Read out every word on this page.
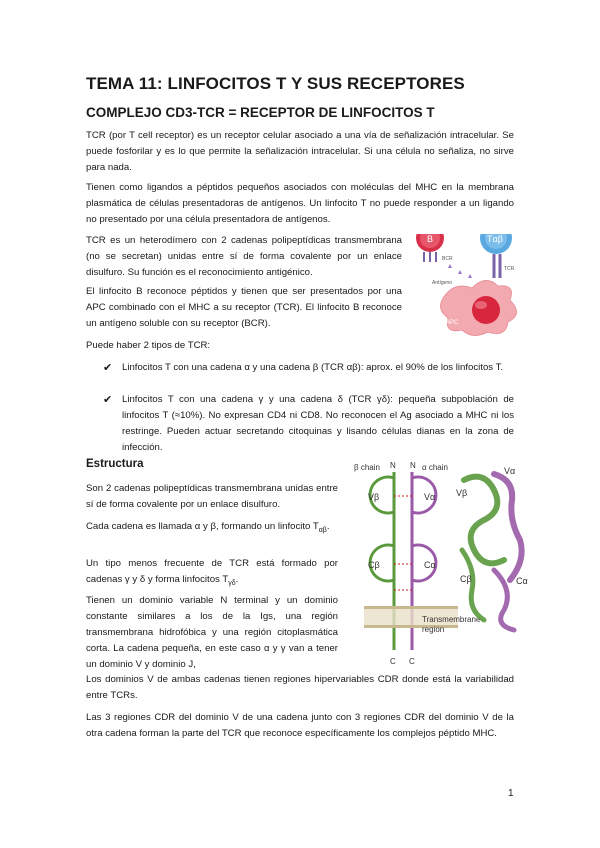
TEMA 11: LINFOCITOS T Y SUS RECEPTORES
COMPLEJO CD3-TCR = RECEPTOR DE LINFOCITOS T

TCR (por T cell receptor) es un receptor celular asociado a una vía de señalización intracelular. Se puede fosforilar y es lo que permite la señalización intracelular. Si una célula no señaliza, no sirve para nada.

Tienen como ligandos a péptidos pequeños asociados con moléculas del MHC en la membrana plasmática de células presentadoras de antígenos. Un linfocito T no puede responder a un ligando no presentado por una célula presentadora de antígenos.

TCR es un heterodímero con 2 cadenas polipeptídicas transmembrana (no se secretan) unidas entre sí de forma covalente por un enlace disulfuro. Su función es el reconocimiento antigénico.

El linfocito B reconoce péptidos y tienen que ser presentados por una APC combinado con el MHC a su receptor (TCR). El linfocito B reconoce un antígeno soluble con su receptor (BCR).

Puede haber 2 tipos de TCR:

✔ Linfocitos T con una cadena α y una cadena β (TCR αβ): aprox. el 90% de los linfocitos T.

✔ Linfocitos T con una cadena γ y una cadena δ (TCR γδ): pequeña subpoblación de linfocitos T (≈10%). No expresan CD4 ni CD8. No reconocen el Ag asociado a MHC ni los restringe. Pueden actuar secretando citoquinas y lisando células dianas en la zona de infección.

Estructura

Son 2 cadenas polipeptídicas transmembrana unidas entre sí de forma covalente por un enlace disulfuro.

Cada cadena es llamada α y β, formando un linfocito $T_{\alpha\beta}$.

Un tipo menos frecuente de TCR está formado por cadenas γ y δ y forma linfocitos $T_{\gamma\delta}$.

Tienen un dominio variable N terminal y un dominio constante similares a los de la Igs, una región transmembrana hidrofóbica y una región citoplasmática corta. La cadena pequeña, en este caso α y γ van a tener un dominio V y dominio J,

Los dominios V de ambas cadenas tienen regiones hipervariables CDR donde está la variabilidad entre TCRs.

Las 3 regiones CDR del dominio V de una cadena junto con 3 regiones CDR del dominio V de la otra cadena forman la parte del TCR que reconoce específicamente los complejos péptido MHC.

1
B	Tαβ
BCR
TCR
Antígeno
APC
β chain N N α chain
Vβ	Vα
Cβ	Cα
Transmembrane
region
C C
Vβ
Vα
Cβ	Cα
